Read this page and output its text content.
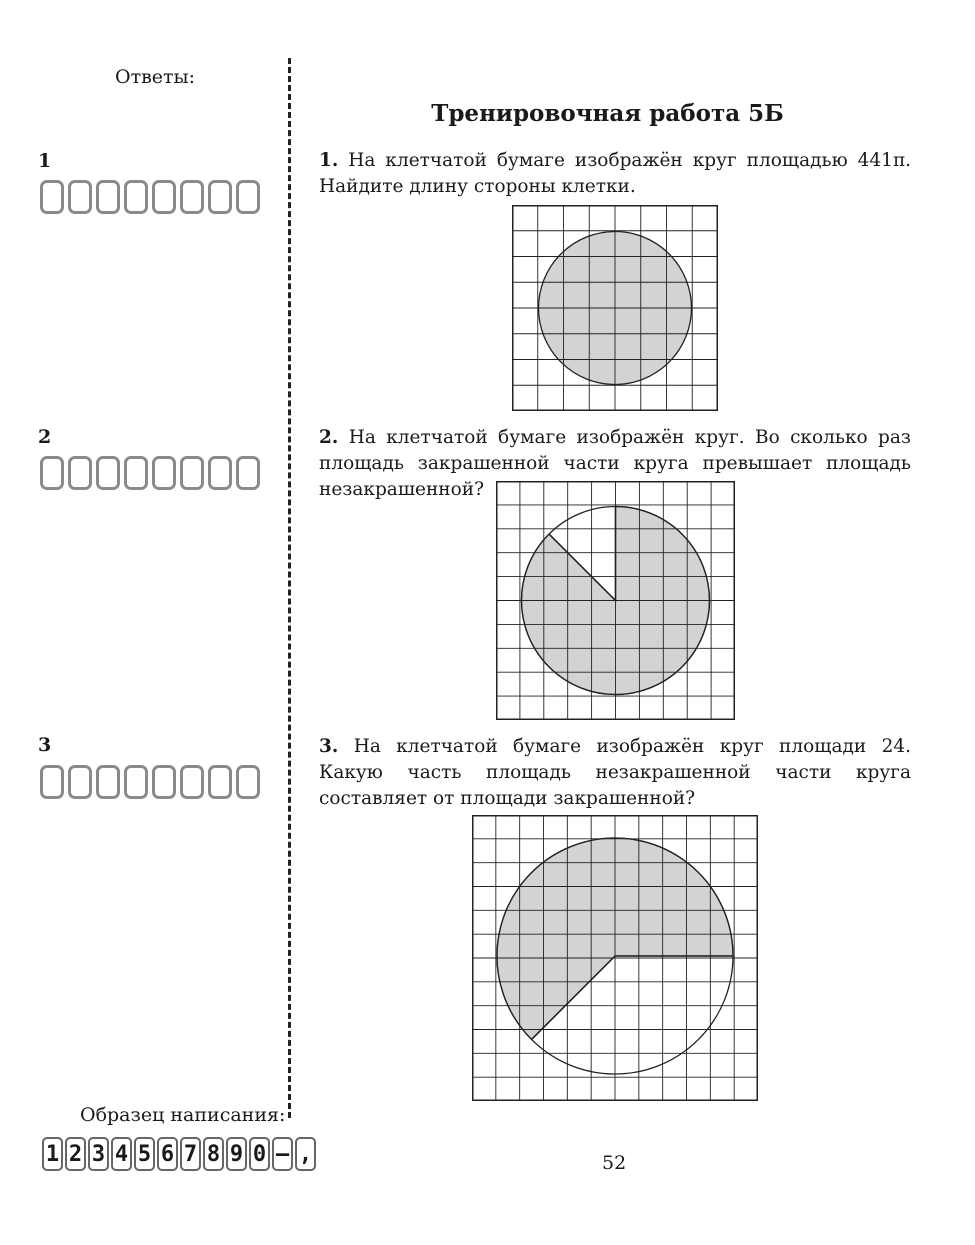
Ответы:
1
2
3
Тренировочная работа 5Б
1. На клетчатой бумаге изображён круг площадью 441π. Найдите длину стороны клетки.
2. На клетчатой бумаге изображён круг. Во сколько раз площадь закрашенной части круга превышает площадь незакрашенной?
3. На клетчатой бумаге изображён круг площади 24. Какую часть площадь незакрашенной части круга составляет от площади закрашенной?
Образец написания:
1 2 3 4 5 6 7 8 9 0 – ,	52
